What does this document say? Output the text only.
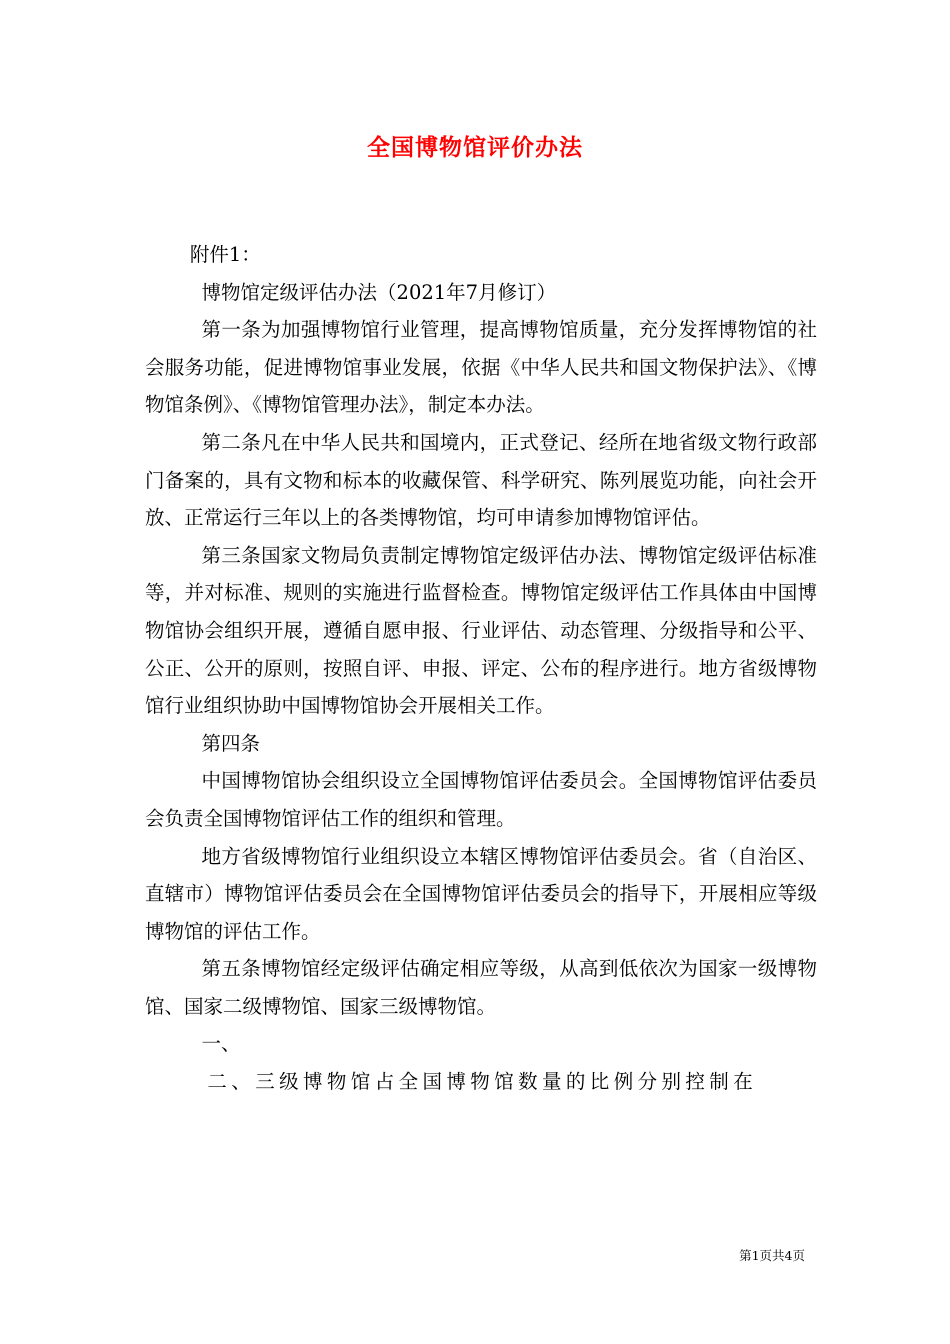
全国博物馆评价办法

附件1：

博物馆定级评估办法（2021年7月修订）

第一条为加强博物馆行业管理，提高博物馆质量，充分发挥博物馆的社会服务功能，促进博物馆事业发展，依据《中华人民共和国文物保护法》、《博物馆条例》、《博物馆管理办法》，制定本办法。

第二条凡在中华人民共和国境内，正式登记、经所在地省级文物行政部门备案的，具有文物和标本的收藏保管、科学研究、陈列展览功能，向社会开放、正常运行三年以上的各类博物馆，均可申请参加博物馆评估。

第三条国家文物局负责制定博物馆定级评估办法、博物馆定级评估标准等，并对标准、规则的实施进行监督检查。博物馆定级评估工作具体由中国博物馆协会组织开展，遵循自愿申报、行业评估、动态管理、分级指导和公平、公正、公开的原则，按照自评、申报、评定、公布的程序进行。地方省级博物馆行业组织协助中国博物馆协会开展相关工作。

第四条

中国博物馆协会组织设立全国博物馆评估委员会。全国博物馆评估委员会负责全国博物馆评估工作的组织和管理。

地方省级博物馆行业组织设立本辖区博物馆评估委员会。省（自治区、直辖市）博物馆评估委员会在全国博物馆评估委员会的指导下，开展相应等级博物馆的评估工作。

第五条博物馆经定级评估确定相应等级，从高到低依次为国家一级博物馆、国家二级博物馆、国家三级博物馆。

一、

二、三级博物馆占全国博物馆数量的比例分别控制在

第1页共4页
